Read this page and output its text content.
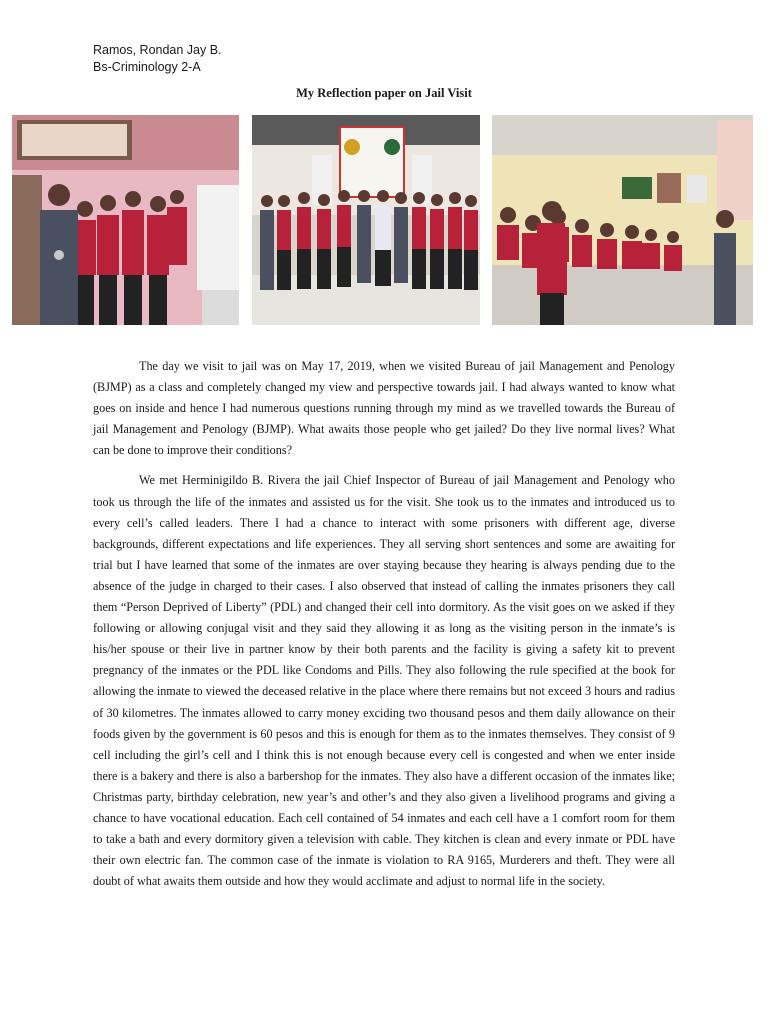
Ramos, Rondan Jay B.
Bs-Criminology 2-A
My Reflection paper on Jail Visit

The day we visit to jail was on May 17, 2019, when we visited Bureau of jail Management and Penology (BJMP) as a class and completely changed my view and perspective towards jail. I had always wanted to know what goes on inside and hence I had numerous questions running through my mind as we travelled towards the Bureau of jail Management and Penology (BJMP). What awaits those people who get jailed? Do they live normal lives? What can be done to improve their conditions?

We met Herminigildo B. Rivera the jail Chief Inspector of Bureau of jail Management and Penology who took us through the life of the inmates and assisted us for the visit. She took us to the inmates and introduced us to every cell’s called leaders. There I had a chance to interact with some prisoners with different age, diverse backgrounds, different expectations and life experiences. They all serving short sentences and some are awaiting for trial but I have learned that some of the inmates are over staying because they hearing is always pending due to the absence of the judge in charged to their cases. I also observed that instead of calling the inmates prisoners they call them “Person Deprived of Liberty” (PDL) and changed their cell into dormitory. As the visit goes on we asked if they following or allowing conjugal visit and they said they allowing it as long as the visiting person in the inmate’s is his/her spouse or their live in partner know by their both parents and the facility is giving a safety kit to prevent pregnancy of the inmates or the PDL like Condoms and Pills. They also following the rule specified at the book for allowing the inmate to viewed the deceased relative in the place where there remains but not exceed 3 hours and radius of 30 kilometres. The inmates allowed to carry money exciding two thousand pesos and them daily allowance on their foods given by the government is 60 pesos and this is enough for them as to the inmates themselves. They consist of 9 cell including the girl’s cell and I think this is not enough because every cell is congested and when we enter inside there is a bakery and there is also a barbershop for the inmates. They also have a different occasion of the inmates like; Christmas party, birthday celebration, new year’s and other’s and they also given a livelihood programs and giving a chance to have vocational education. Each cell contained of 54 inmates and each cell have a 1 comfort room for them to take a bath and every dormitory given a television with cable. They kitchen is clean and every inmate or PDL have their own electric fan. The common case of the inmate is violation to RA 9165, Murderers and theft. They were all doubt of what awaits them outside and how they would acclimate and adjust to normal life in the society.
